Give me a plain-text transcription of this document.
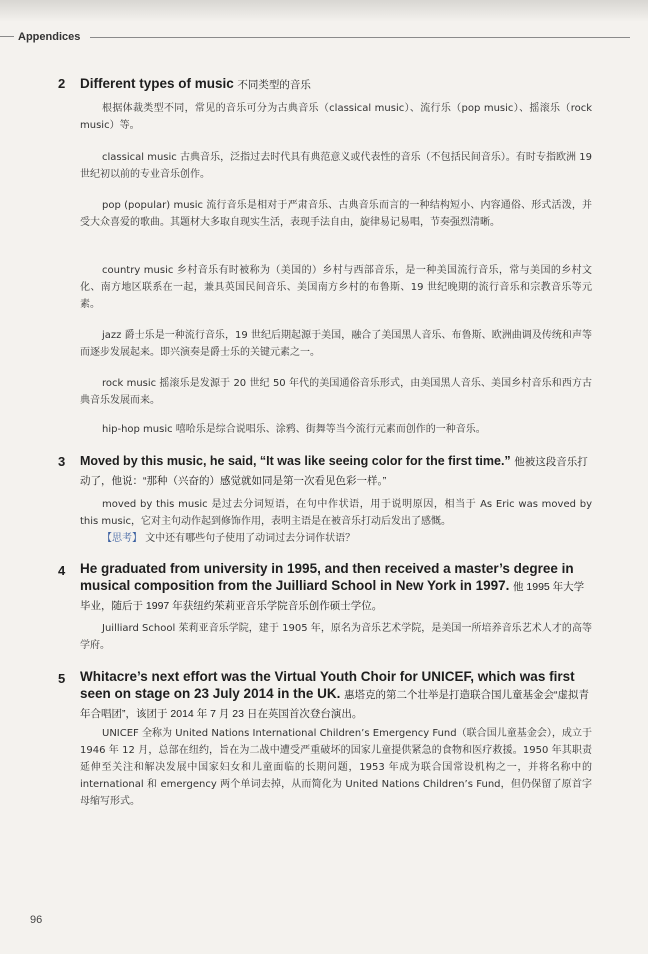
Appendices
2 Different types of music 不同类型的音乐
根据体裁类型不同，常见的音乐可分为古典音乐（classical music）、流行乐（pop music）、摇滚乐（rock music）等。
classical music 古典音乐，泛指过去时代具有典范意义或代表性的音乐（不包括民间音乐）。有时专指欧洲 19 世纪初以前的专业音乐创作。
pop (popular) music 流行音乐是相对于严肃音乐、古典音乐而言的一种结构短小、内容通俗、形式活泼，并受大众喜爱的歌曲。其题材大多取自现实生活，表现手法自由，旋律易记易唱，节奏强烈清晰。
country music 乡村音乐有时被称为（美国的）乡村与西部音乐，是一种美国流行音乐，常与美国的乡村文化、南方地区联系在一起，兼具英国民间音乐、美国南方乡村的布鲁斯、19 世纪晚期的流行音乐和宗教音乐等元素。
jazz 爵士乐是一种流行音乐，19 世纪后期起源于美国，融合了美国黑人音乐、布鲁斯、欧洲曲调及传统和声等而逐步发展起来。即兴演奏是爵士乐的关键元素之一。
rock music 摇滚乐是发源于 20 世纪 50 年代的美国通俗音乐形式，由美国黑人音乐、美国乡村音乐和西方古典音乐发展而来。
hip-hop music 嘻哈乐是综合说唱乐、涂鸦、街舞等当今流行元素而创作的一种音乐。
3 Moved by this music, he said, “It was like seeing color for the first time.” 他被这段音乐打动了，他说：“那种（兴奋的）感觉就如同是第一次看见色彩一样。”
moved by this music 是过去分词短语，在句中作状语，用于说明原因，相当于 As Eric was moved by this music，它对主句动作起到修饰作用，表明主语是在被音乐打动后发出了感慨。
【思考】 文中还有哪些句子使用了动词过去分词作状语？
4 He graduated from university in 1995, and then received a master’s degree in musical composition from the Juilliard School in New York in 1997. 他 1995 年大学毕业，随后于 1997 年获纽约茱莉亚音乐学院音乐创作硕士学位。
Juilliard School 茱莉亚音乐学院，建于 1905 年，原名为音乐艺术学院，是美国一所培养音乐艺术人才的高等学府。
5 Whitacre’s next effort was the Virtual Youth Choir for UNICEF, which was first seen on stage on 23 July 2014 in the UK. 惠塔克的第二个壮举是打造联合国儿童基金会“虚拟青年合唱团”，该团于 2014 年 7 月 23 日在英国首次登台演出。
UNICEF 全称为 United Nations International Children’s Emergency Fund（联合国儿童基金会），成立于 1946 年 12 月，总部在纽约，旨在为二战中遭受严重破坏的国家儿童提供紧急的食物和医疗救援。1950 年其职责延伸至关注和解决发展中国家妇女和儿童面临的长期问题，1953 年成为联合国常设机构之一，并将名称中的 international 和 emergency 两个单词去掉，从而简化为 United Nations Children’s Fund，但仍保留了原首字母缩写形式。
96
